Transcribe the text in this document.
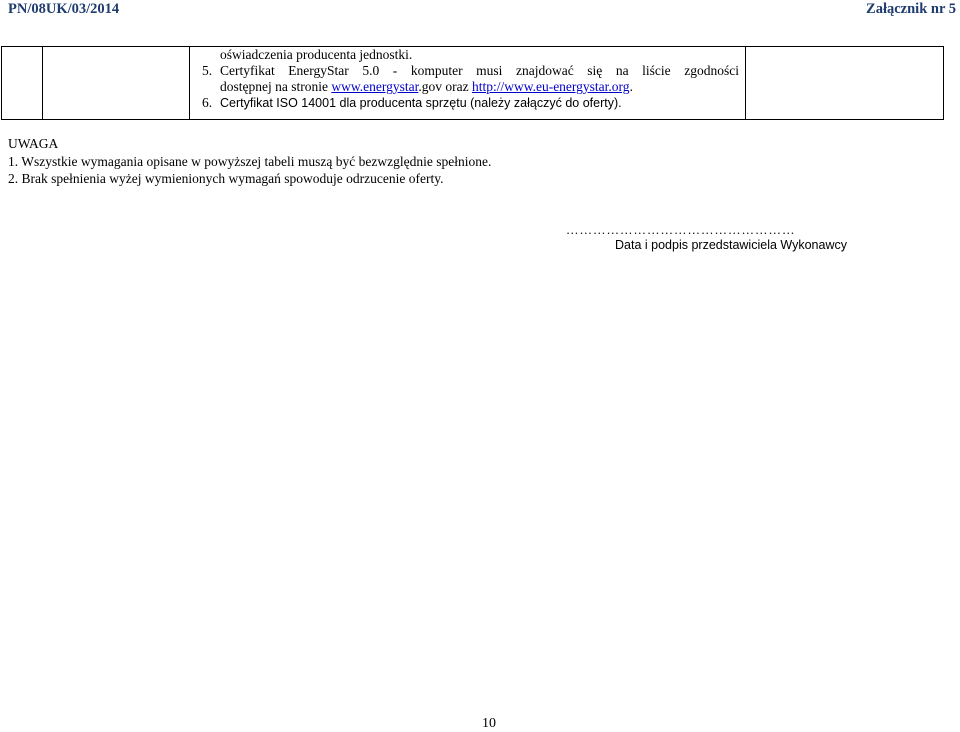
PN/08UK/03/2014	Załącznik nr 5

oświadczenia producenta jednostki.
5. Certyfikat EnergyStar 5.0 - komputer musi znajdować się na liście zgodności
dostępnej na stronie www.energystar.gov oraz http://www.eu-energystar.org.
6. Certyfikat ISO 14001 dla producenta sprzętu (należy załączyć do oferty).

UWAGA
1. Wszystkie wymagania opisane w powyższej tabeli muszą być bezwzględnie spełnione.
2. Brak spełnienia wyżej wymienionych wymagań spowoduje odrzucenie oferty.
……………………………………………
Data i podpis przedstawiciela Wykonawcy
10
